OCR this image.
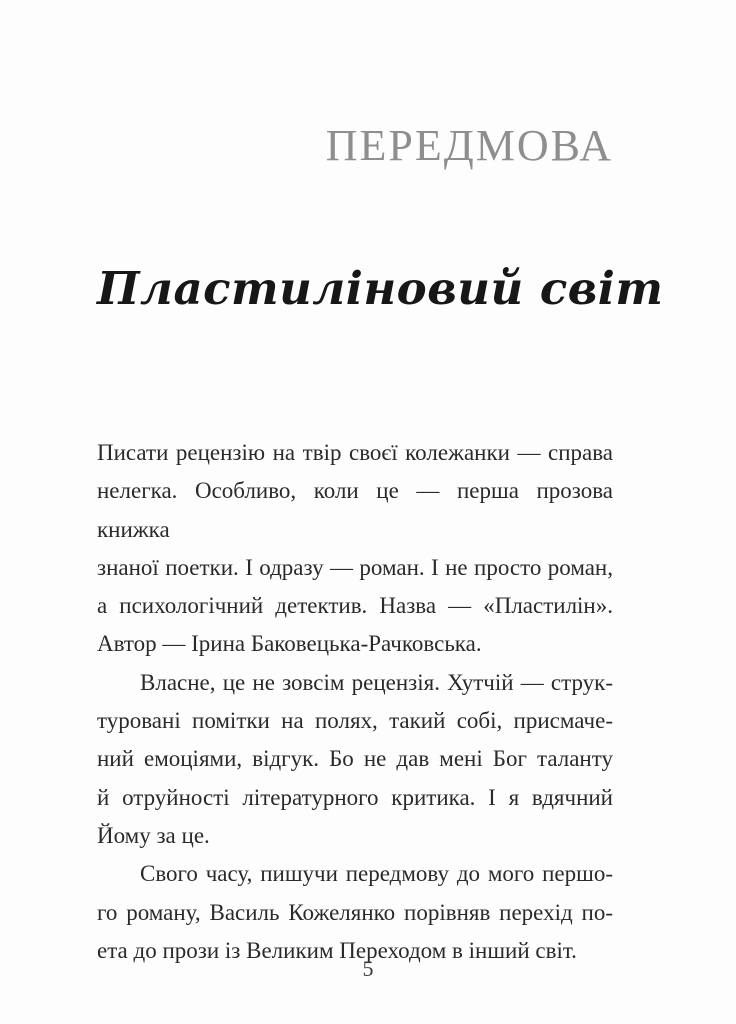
ПЕРЕДМОВА
Пластиліновий світ
Писати рецензію на твір своєї колежанки — справа
нелегка. Особливо, коли це — перша прозова книжка
знаної поетки. І одразу — роман. І не просто роман,
а психологічний детектив. Назва — «Пластилін».
Автор — Ірина Баковецька-Рачковська.
Власне, це не зовсім рецензія. Хутчій — струк-
туровані помітки на полях, такий собі, присмаче-
ний емоціями, відгук. Бо не дав мені Бог таланту
й отруйності літературного критика. І я вдячний
Йому за це.
Свого часу, пишучи передмову до мого першо-
го роману, Василь Кожелянко порівняв перехід по-
ета до прози із Великим Переходом в інший світ.
5
